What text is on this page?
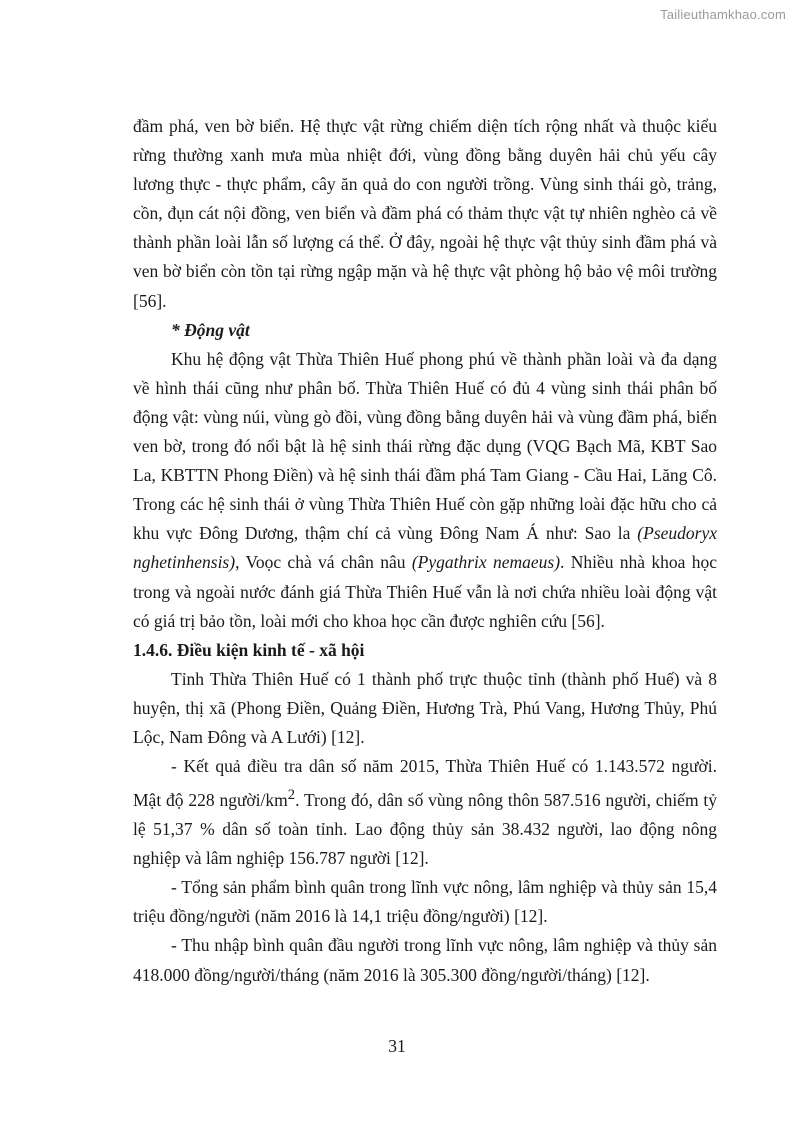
Tailieuthamkhao.com

đầm phá, ven bờ biển. Hệ thực vật rừng chiếm diện tích rộng nhất và thuộc kiểu rừng thường xanh mưa mùa nhiệt đới, vùng đồng bằng duyên hải chủ yếu cây lương thực - thực phẩm, cây ăn quả do con người trồng. Vùng sinh thái gò, trảng, cồn, đụn cát nội đồng, ven biển và đầm phá có thảm thực vật tự nhiên nghèo cả về thành phần loài lẫn số lượng cá thể. Ở đây, ngoài hệ thực vật thủy sinh đầm phá và ven bờ biển còn tồn tại rừng ngập mặn và hệ thực vật phòng hộ bảo vệ môi trường [56].

* Động vật

Khu hệ động vật Thừa Thiên Huế phong phú về thành phần loài và đa dạng về hình thái cũng như phân bố. Thừa Thiên Huế có đủ 4 vùng sinh thái phân bố động vật: vùng núi, vùng gò đồi, vùng đồng bằng duyên hải và vùng đầm phá, biển ven bờ, trong đó nổi bật là hệ sinh thái rừng đặc dụng (VQG Bạch Mã, KBT Sao La, KBTTN Phong Điền) và hệ sinh thái đầm phá Tam Giang - Cầu Hai, Lăng Cô. Trong các hệ sinh thái ở vùng Thừa Thiên Huế còn gặp những loài đặc hữu cho cả khu vực Đông Dương, thậm chí cả vùng Đông Nam Á như: Sao la (Pseudoryx nghetinhensis), Voọc chà vá chân nâu (Pygathrix nemaeus). Nhiều nhà khoa học trong và ngoài nước đánh giá Thừa Thiên Huế vẫn là nơi chứa nhiều loài động vật có giá trị bảo tồn, loài mới cho khoa học cần được nghiên cứu [56].

1.4.6. Điều kiện kinh tế - xã hội

Tỉnh Thừa Thiên Huế có 1 thành phố trực thuộc tỉnh (thành phố Huế) và 8 huyện, thị xã (Phong Điền, Quảng Điền, Hương Trà, Phú Vang, Hương Thủy, Phú Lộc, Nam Đông và A Lưới) [12].

- Kết quả điều tra dân số năm 2015, Thừa Thiên Huế có 1.143.572 người. Mật độ 228 người/$km^2$. Trong đó, dân số vùng nông thôn 587.516 người, chiếm tỷ lệ 51,37 % dân số toàn tỉnh. Lao động thủy sản 38.432 người, lao động nông nghiệp và lâm nghiệp 156.787 người [12].

- Tổng sản phẩm bình quân trong lĩnh vực nông, lâm nghiệp và thủy sản 15,4 triệu đồng/người (năm 2016 là 14,1 triệu đồng/người) [12].

- Thu nhập bình quân đầu người trong lĩnh vực nông, lâm nghiệp và thủy sản 418.000 đồng/người/tháng (năm 2016 là 305.300 đồng/người/tháng) [12].

31
